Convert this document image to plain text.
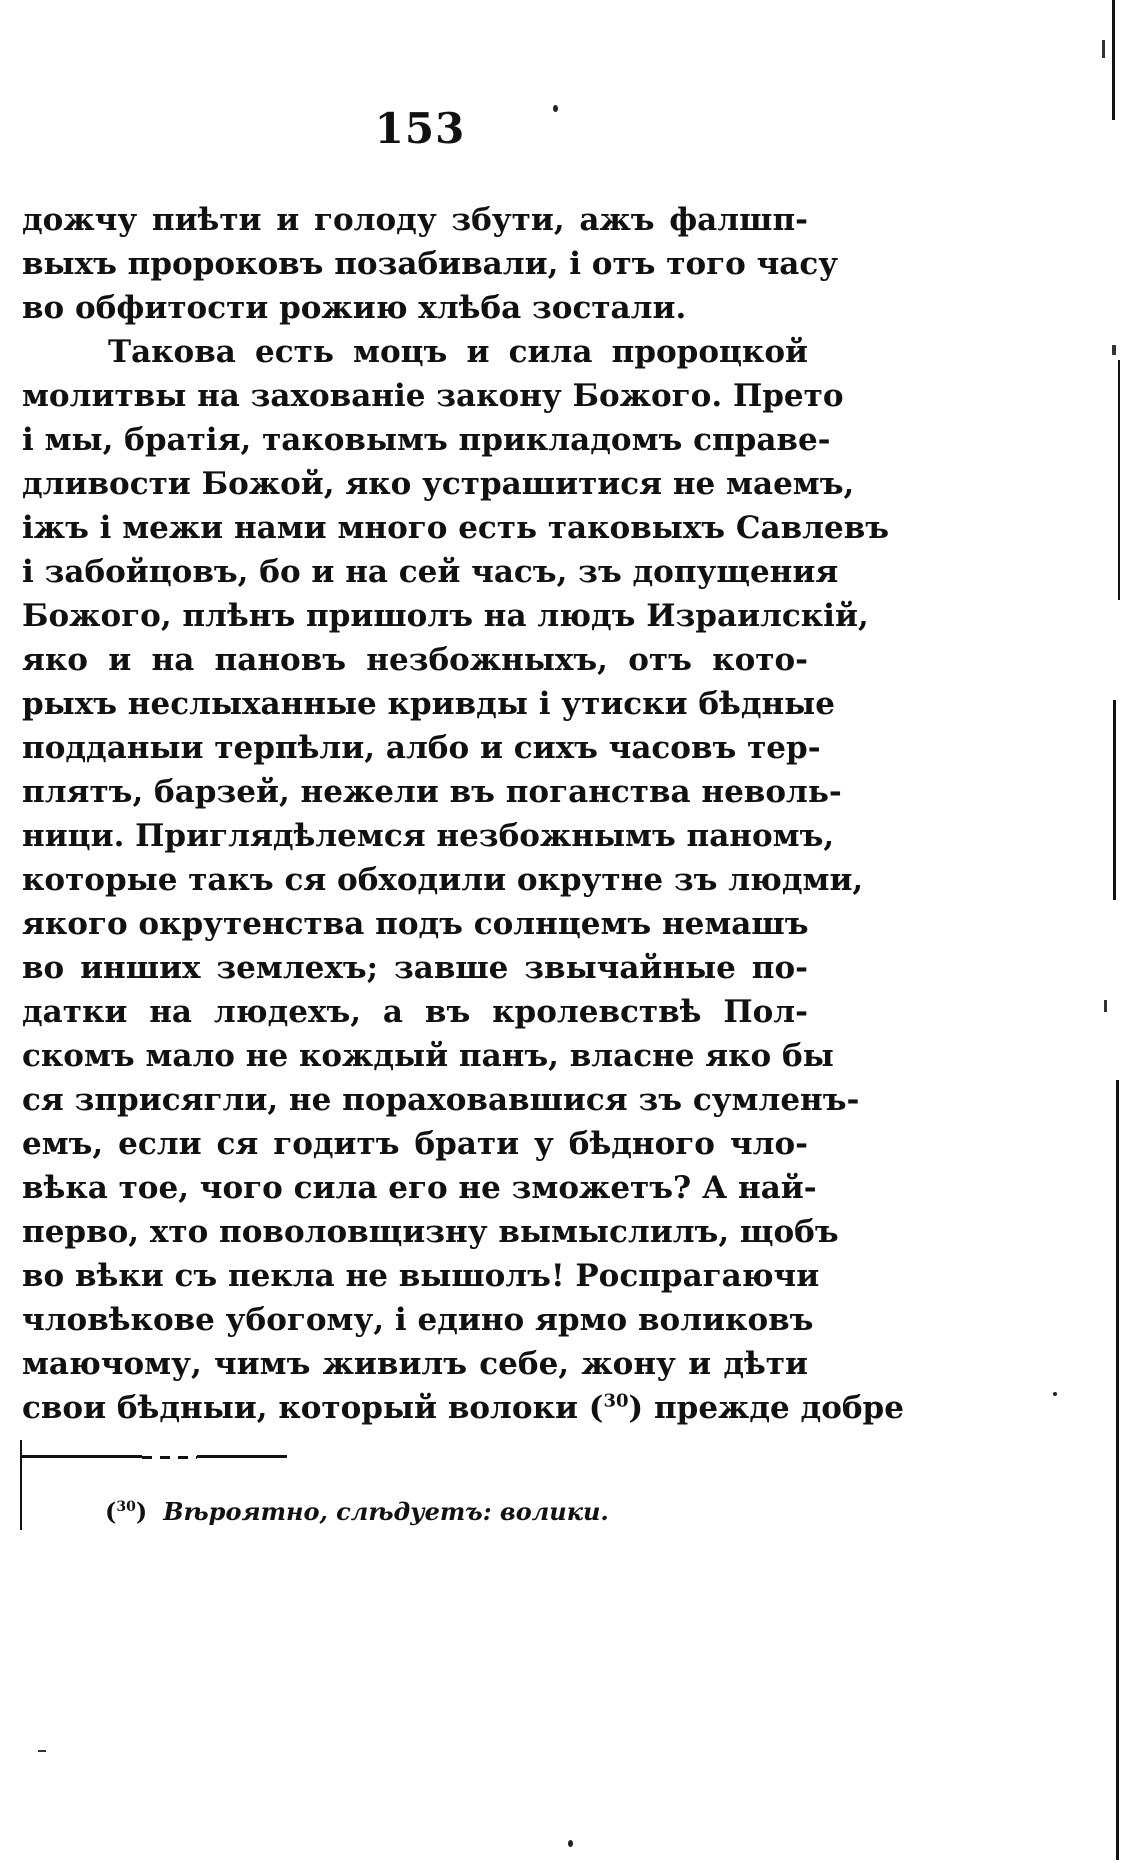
153
дожчу пиѣти и голоду збути, ажъ фалшп-
выхъ пророковъ позабивали, і отъ того часу
во обфитости рожию хлѣба зостали.
Такова есть моцъ и сила пророцкой
молитвы на захованіе закону Божого. Прето
і мы, братія, таковымъ прикладомъ справе-
дливости Божой, яко устрашитися не маемъ,
іжъ і межи нами много есть таковыхъ Савлевъ
і забойцовъ, бо и на сей часъ, зъ допущения
Божого, плѣнъ пришолъ на людъ Израилскій,
яко и на пановъ незбожныхъ, отъ кото-
рыхъ неслыханные кривды і утиски бѣдные
подданыи терпѣли, албо и сихъ часовъ тер-
плятъ, барзей, нежели въ поганства неволь-
ници. Приглядѣлемся незбожнымъ паномъ,
которые такъ ся обходили окрутне зъ людми,
якого окрутенства подъ солнцемъ немашъ
во инших землехъ; завше звычайные по-
датки на людехъ, а въ кролевствѣ Пол-
скомъ мало не кождый панъ, власне яко бы
ся зприсягли, не пораховавшися зъ сумленъ-
емъ, если ся годитъ брати у бѣдного чло-
вѣка тое, чого сила его не зможетъ? А най-
перво, хто поволовщизну вымыслилъ, щобъ
во вѣки съ пекла не вышолъ! Роспрагаючи
чловѣкове убогому, і едино ярмо воликовъ
маючому, чимъ живилъ себе, жону и дѣти
свои бѣдныи, который волоки ($^{30}$) прежде добре
($^{30}$) Вѣроятно, слѣдуетъ: волики.
